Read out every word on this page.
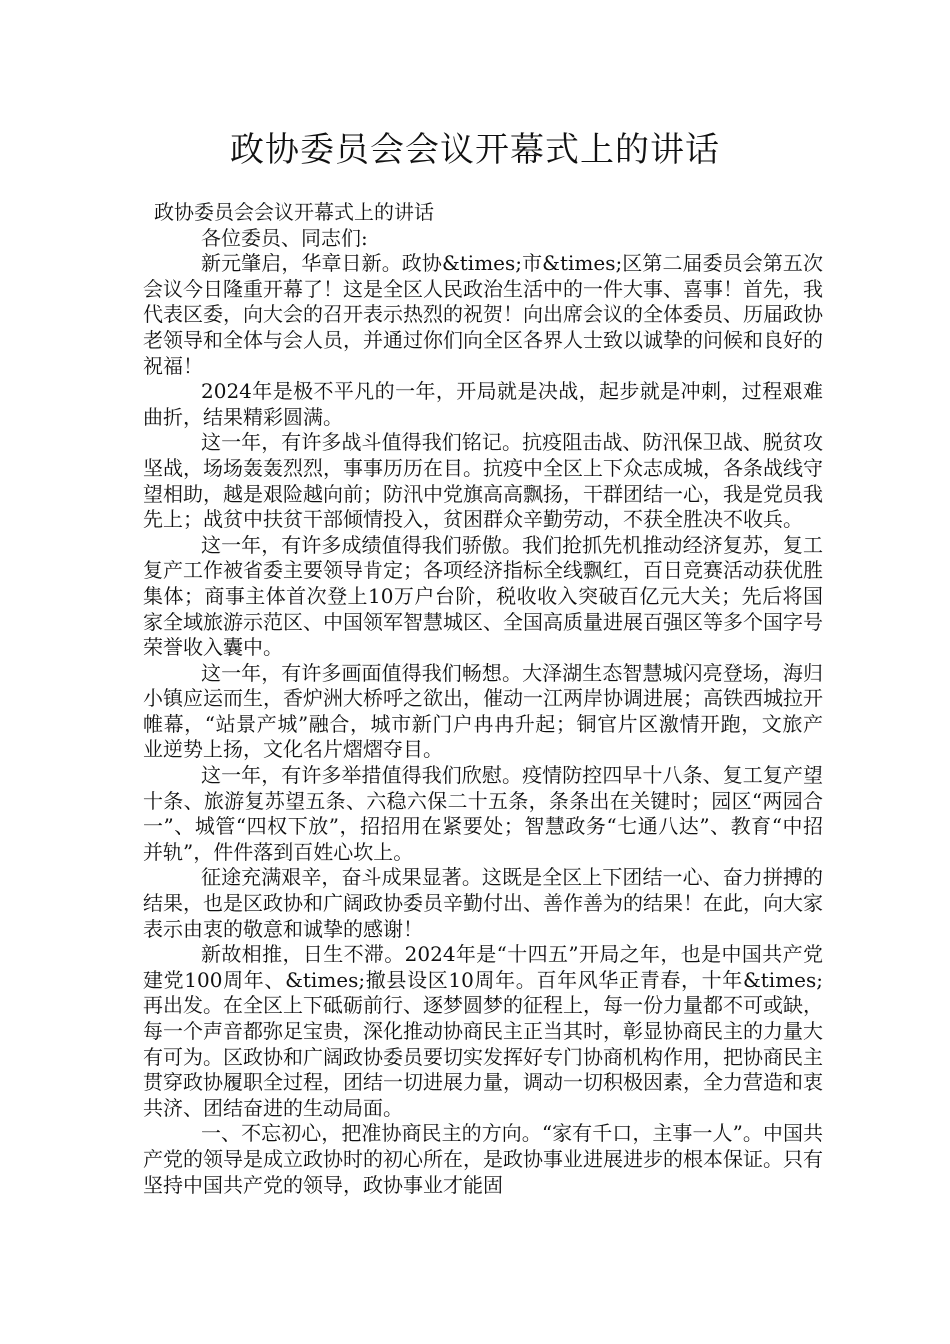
政协委员会会议开幕式上的讲话

政协委员会会议开幕式上的讲话

各位委员、同志们:

新元肇启，华章日新。政协&times;市&times;区第二届委员会第五次会议今日隆重开幕了！这是全区人民政治生活中的一件大事、喜事！首先，我代表区委，向大会的召开表示热烈的祝贺！向出席会议的全体委员、历届政协老领导和全体与会人员，并通过你们向全区各界人士致以诚挚的问候和良好的祝福！

2024年是极不平凡的一年，开局就是决战，起步就是冲刺，过程艰难曲折，结果精彩圆满。

这一年，有许多战斗值得我们铭记。抗疫阻击战、防汛保卫战、脱贫攻坚战，场场轰轰烈烈，事事历历在目。抗疫中全区上下众志成城，各条战线守望相助，越是艰险越向前；防汛中党旗高高飘扬，干群团结一心，我是党员我先上；战贫中扶贫干部倾情投入，贫困群众辛勤劳动，不获全胜决不收兵。

这一年，有许多成绩值得我们骄傲。我们抢抓先机推动经济复苏，复工复产工作被省委主要领导肯定；各项经济指标全线飘红，百日竞赛活动获优胜集体；商事主体首次登上10万户台阶，税收收入突破百亿元大关；先后将国家全域旅游示范区、中国领军智慧城区、全国高质量进展百强区等多个国字号荣誉收入囊中。

这一年，有许多画面值得我们畅想。大泽湖生态智慧城闪亮登场，海归小镇应运而生，香炉洲大桥呼之欲出，催动一江两岸协调进展；高铁西城拉开帷幕，“站景产城”融合，城市新门户冉冉升起；铜官片区激情开跑，文旅产业逆势上扬，文化名片熠熠夺目。

这一年，有许多举措值得我们欣慰。疫情防控四早十八条、复工复产望十条、旅游复苏望五条、六稳六保二十五条，条条出在关键时；园区“两园合一”、城管“四权下放”，招招用在紧要处；智慧政务“七通八达”、教育“中招并轨”，件件落到百姓心坎上。

征途充满艰辛，奋斗成果显著。这既是全区上下团结一心、奋力拼搏的结果，也是区政协和广阔政协委员辛勤付出、善作善为的结果！在此，向大家表示由衷的敬意和诚挚的感谢！

新故相推，日生不滞。2024年是“十四五”开局之年，也是中国共产党建党100周年、&times;撤县设区10周年。百年风华正青春，十年&times;再出发。在全区上下砥砺前行、逐梦圆梦的征程上，每一份力量都不可或缺，每一个声音都弥足宝贵，深化推动协商民主正当其时，彰显协商民主的力量大有可为。区政协和广阔政协委员要切实发挥好专门协商机构作用，把协商民主贯穿政协履职全过程，团结一切进展力量，调动一切积极因素，全力营造和衷共济、团结奋进的生动局面。

一、不忘初心，把准协商民主的方向。“家有千口，主事一人”。中国共产党的领导是成立政协时的初心所在，是政协事业进展进步的根本保证。只有坚持中国共产党的领导，政协事业才能固
